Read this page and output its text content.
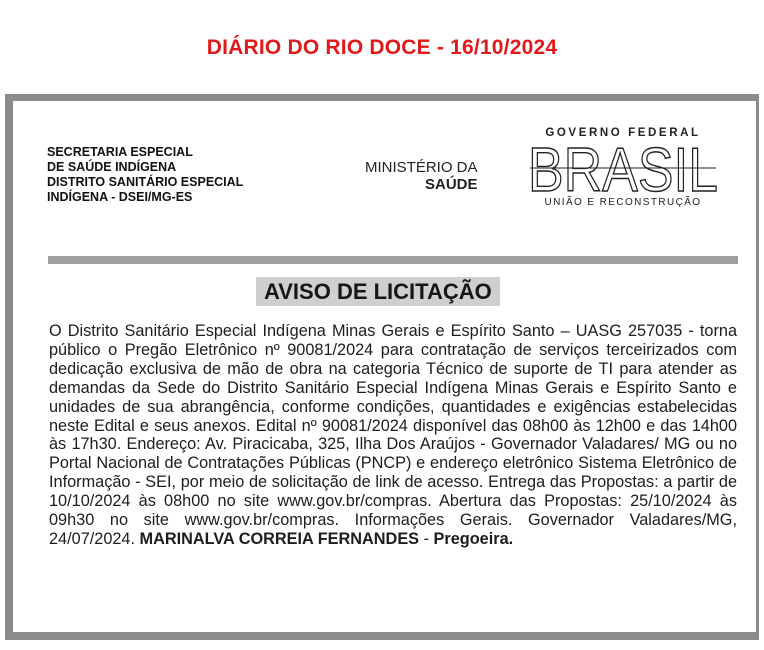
DIÁRIO DO RIO DOCE - 16/10/2024
SECRETARIA ESPECIAL
DE SAÚDE INDÍGENA
DISTRITO SANITÁRIO ESPECIAL
INDÍGENA - DSEI/MG-ES
MINISTÉRIO DA
SAÚDE
GOVERNO FEDERAL
BRASIL
UNIÃO E RECONSTRUÇÃO
AVISO DE LICITAÇÃO

O Distrito Sanitário Especial Indígena Minas Gerais e Espírito Santo – UASG 257035 - torna público o Pregão Eletrônico nº 90081/2024 para contratação de serviços terceirizados com dedicação exclusiva de mão de obra na categoria Técnico de suporte de TI para atender as demandas da Sede do Distrito Sanitário Especial Indígena Minas Gerais e Espírito Santo e unidades de sua abrangência, conforme condições, quantidades e exigências estabelecidas neste Edital e seus anexos. Edital nº 90081/2024 disponível das 08h00 às 12h00 e das 14h00 às 17h30. Endereço: Av. Piracicaba, 325, Ilha Dos Araújos - Governador Valadares/ MG ou no Portal Nacional de Contratações Públicas (PNCP) e endereço eletrônico Sistema Eletrônico de Informação - SEI, por meio de solicitação de link de acesso. Entrega das Propostas: a partir de 10/10/2024 às 08h00 no site www.gov.br/compras. Abertura das Propostas: 25/10/2024 às 09h30 no site www.gov.br/compras. Informações Gerais. Governador Valadares/MG, 24/07/2024. MARINALVA CORREIA FERNANDES - Pregoeira.
